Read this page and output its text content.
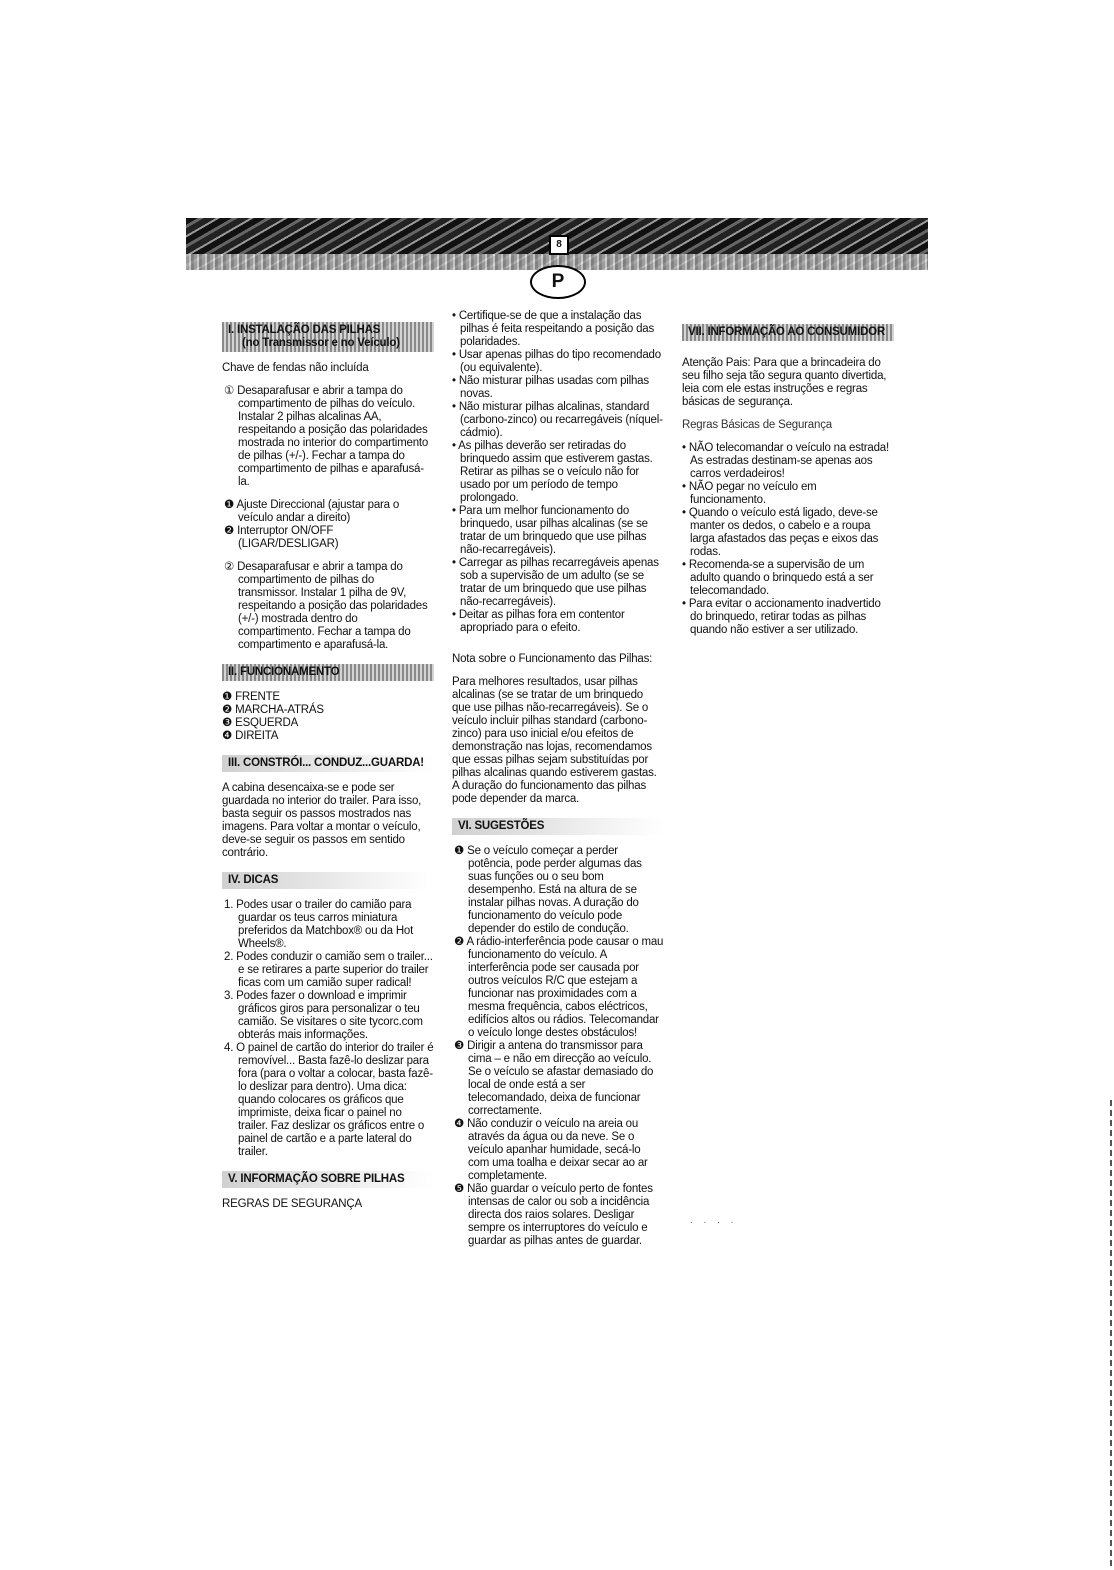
8
P
I. INSTALAÇÃO DAS PILHAS
(no Transmissor e no Veículo)

Chave de fendas não incluída

① Desaparafusar e abrir a tampa do compartimento de pilhas do veículo. Instalar 2 pilhas alcalinas AA, respeitando a posição das polaridades mostrada no interior do compartimento de pilhas (+/-). Fechar a tampa do compartimento de pilhas e aparafusá-la.

❶ Ajuste Direccional (ajustar para o veículo andar a direito)

❷ Interruptor ON/OFF (LIGAR/DESLIGAR)

② Desaparafusar e abrir a tampa do compartimento de pilhas do transmissor. Instalar 1 pilha de 9V, respeitando a posição das polaridades (+/-) mostrada dentro do compartimento. Fechar a tampa do compartimento e aparafusá-la.

II. FUNCIONAMENTO
❶ FRENTE
❷ MARCHA-ATRÁS
❸ ESQUERDA
❹ DIREITA
III. CONSTRÓI... CONDUZ...GUARDA!

A cabina desencaixa-se e pode ser guardada no interior do trailer. Para isso, basta seguir os passos mostrados nas imagens. Para voltar a montar o veículo, deve-se seguir os passos em sentido contrário.

IV. DICAS

1. Podes usar o trailer do camião para guardar os teus carros miniatura preferidos da Matchbox® ou da Hot Wheels®.

2. Podes conduzir o camião sem o trailer... e se retirares a parte superior do trailer ficas com um camião super radical!

3. Podes fazer o download e imprimir gráficos giros para personalizar o teu camião. Se visitares o site tycorc.com obterás mais informações.

4. O painel de cartão do interior do trailer é removível... Basta fazê-lo deslizar para fora (para o voltar a colocar, basta fazê-lo deslizar para dentro). Uma dica: quando colocares os gráficos que imprimiste, deixa ficar o painel no trailer. Faz deslizar os gráficos entre o painel de cartão e a parte lateral do trailer.

V. INFORMAÇÃO SOBRE PILHAS

REGRAS DE SEGURANÇA

• Certifique-se de que a instalação das pilhas é feita respeitando a posição das polaridades.

• Usar apenas pilhas do tipo recomendado (ou equivalente).

• Não misturar pilhas usadas com pilhas novas.

• Não misturar pilhas alcalinas, standard (carbono-zinco) ou recarregáveis (níquel-cádmio).

• As pilhas deverão ser retiradas do brinquedo assim que estiverem gastas. Retirar as pilhas se o veículo não for usado por um período de tempo prolongado.

• Para um melhor funcionamento do brinquedo, usar pilhas alcalinas (se se tratar de um brinquedo que use pilhas não-recarregáveis).

• Carregar as pilhas recarregáveis apenas sob a supervisão de um adulto (se se tratar de um brinquedo que use pilhas não-recarregáveis).

• Deitar as pilhas fora em contentor apropriado para o efeito.

Nota sobre o Funcionamento das Pilhas:

Para melhores resultados, usar pilhas alcalinas (se se tratar de um brinquedo que use pilhas não-recarregáveis). Se o veículo incluir pilhas standard (carbono-zinco) para uso inicial e/ou efeitos de demonstração nas lojas, recomendamos que essas pilhas sejam substituídas por pilhas alcalinas quando estiverem gastas. A duração do funcionamento das pilhas pode depender da marca.

VI. SUGESTÕES

❶ Se o veículo começar a perder potência, pode perder algumas das suas funções ou o seu bom desempenho. Está na altura de se instalar pilhas novas. A duração do funcionamento do veículo pode depender do estilo de condução.

❷ A rádio-interferência pode causar o mau funcionamento do veículo. A interferência pode ser causada por outros veículos R/C que estejam a funcionar nas proximidades com a mesma frequência, cabos eléctricos, edifícios altos ou rádios. Telecomandar o veículo longe destes obstáculos!

❸ Dirigir a antena do transmissor para cima – e não em direcção ao veículo. Se o veículo se afastar demasiado do local de onde está a ser telecomandado, deixa de funcionar correctamente.

❹ Não conduzir o veículo na areia ou através da água ou da neve. Se o veículo apanhar humidade, secá-lo com uma toalha e deixar secar ao ar completamente.

❺ Não guardar o veículo perto de fontes intensas de calor ou sob a incidência directa dos raios solares. Desligar sempre os interruptores do veículo e guardar as pilhas antes de guardar.

VII. INFORMAÇÃO AO CONSUMIDOR

Atenção Pais: Para que a brincadeira do seu filho seja tão segura quanto divertida, leia com ele estas instruções e regras básicas de segurança.

Regras Básicas de Segurança

• NÃO telecomandar o veículo na estrada! As estradas destinam-se apenas aos carros verdadeiros!

• NÃO pegar no veículo em funcionamento.

• Quando o veículo está ligado, deve-se manter os dedos, o cabelo e a roupa larga afastados das peças e eixos das rodas.

• Recomenda-se a supervisão de um adulto quando o brinquedo está a ser telecomandado.

• Para evitar o accionamento inadvertido do brinquedo, retirar todas as pilhas quando não estiver a ser utilizado.

. . . .
